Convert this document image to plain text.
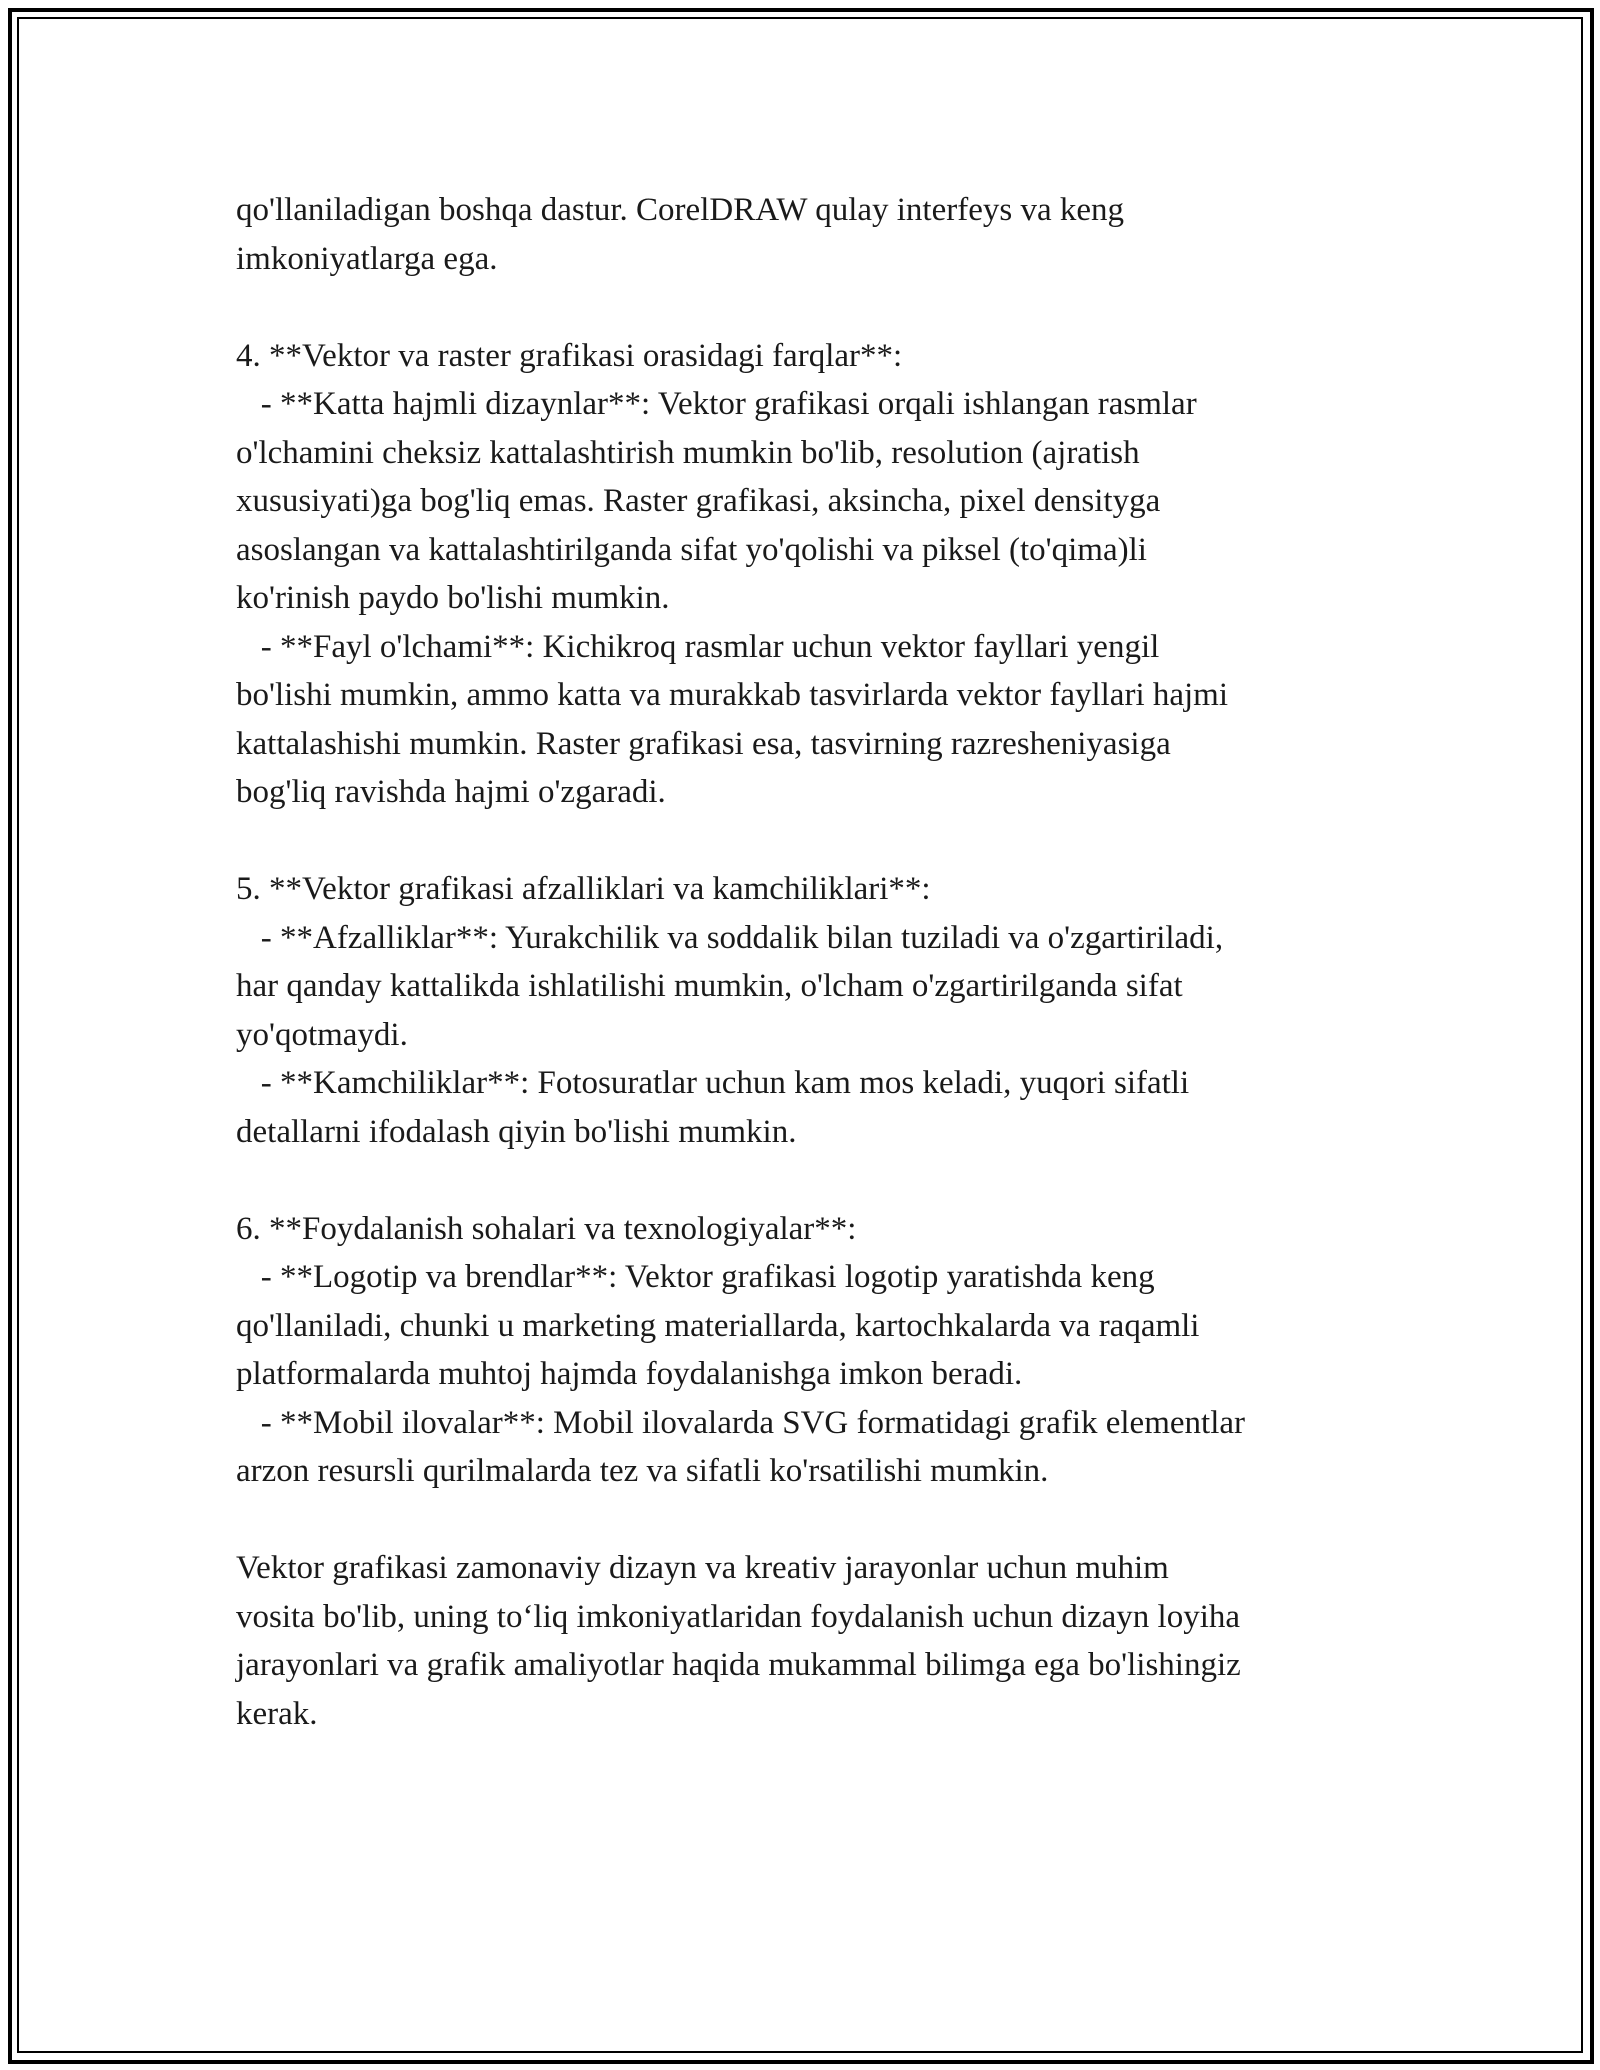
qo'llaniladigan boshqa dastur. CorelDRAW qulay interfeys va keng
imkoniyatlarga ega.
4. **Vektor va raster grafikasi orasidagi farqlar**:
- **Katta hajmli dizaynlar**: Vektor grafikasi orqali ishlangan rasmlar
o'lchamini cheksiz kattalashtirish mumkin bo'lib, resolution (ajratish
xususiyati)ga bog'liq emas. Raster grafikasi, aksincha, pixel densityga
asoslangan va kattalashtirilganda sifat yo'qolishi va piksel (to'qima)li
ko'rinish paydo bo'lishi mumkin.
- **Fayl o'lchami**: Kichikroq rasmlar uchun vektor fayllari yengil
bo'lishi mumkin, ammo katta va murakkab tasvirlarda vektor fayllari hajmi
kattalashishi mumkin. Raster grafikasi esa, tasvirning razresheniyasiga
bog'liq ravishda hajmi o'zgaradi.
5. **Vektor grafikasi afzalliklari va kamchiliklari**:
- **Afzalliklar**: Yurakchilik va soddalik bilan tuziladi va o'zgartiriladi,
har qanday kattalikda ishlatilishi mumkin, o'lcham o'zgartirilganda sifat
yo'qotmaydi.
- **Kamchiliklar**: Fotosuratlar uchun kam mos keladi, yuqori sifatli
detallarni ifodalash qiyin bo'lishi mumkin.
6. **Foydalanish sohalari va texnologiyalar**:
- **Logotip va brendlar**: Vektor grafikasi logotip yaratishda keng
qo'llaniladi, chunki u marketing materiallarda, kartochkalarda va raqamli
platformalarda muhtoj hajmda foydalanishga imkon beradi.
- **Mobil ilovalar**: Mobil ilovalarda SVG formatidagi grafik elementlar
arzon resursli qurilmalarda tez va sifatli ko'rsatilishi mumkin.
Vektor grafikasi zamonaviy dizayn va kreativ jarayonlar uchun muhim
vosita bo'lib, uning to‘liq imkoniyatlaridan foydalanish uchun dizayn loyiha
jarayonlari va grafik amaliyotlar haqida mukammal bilimga ega bo'lishingiz
kerak.
